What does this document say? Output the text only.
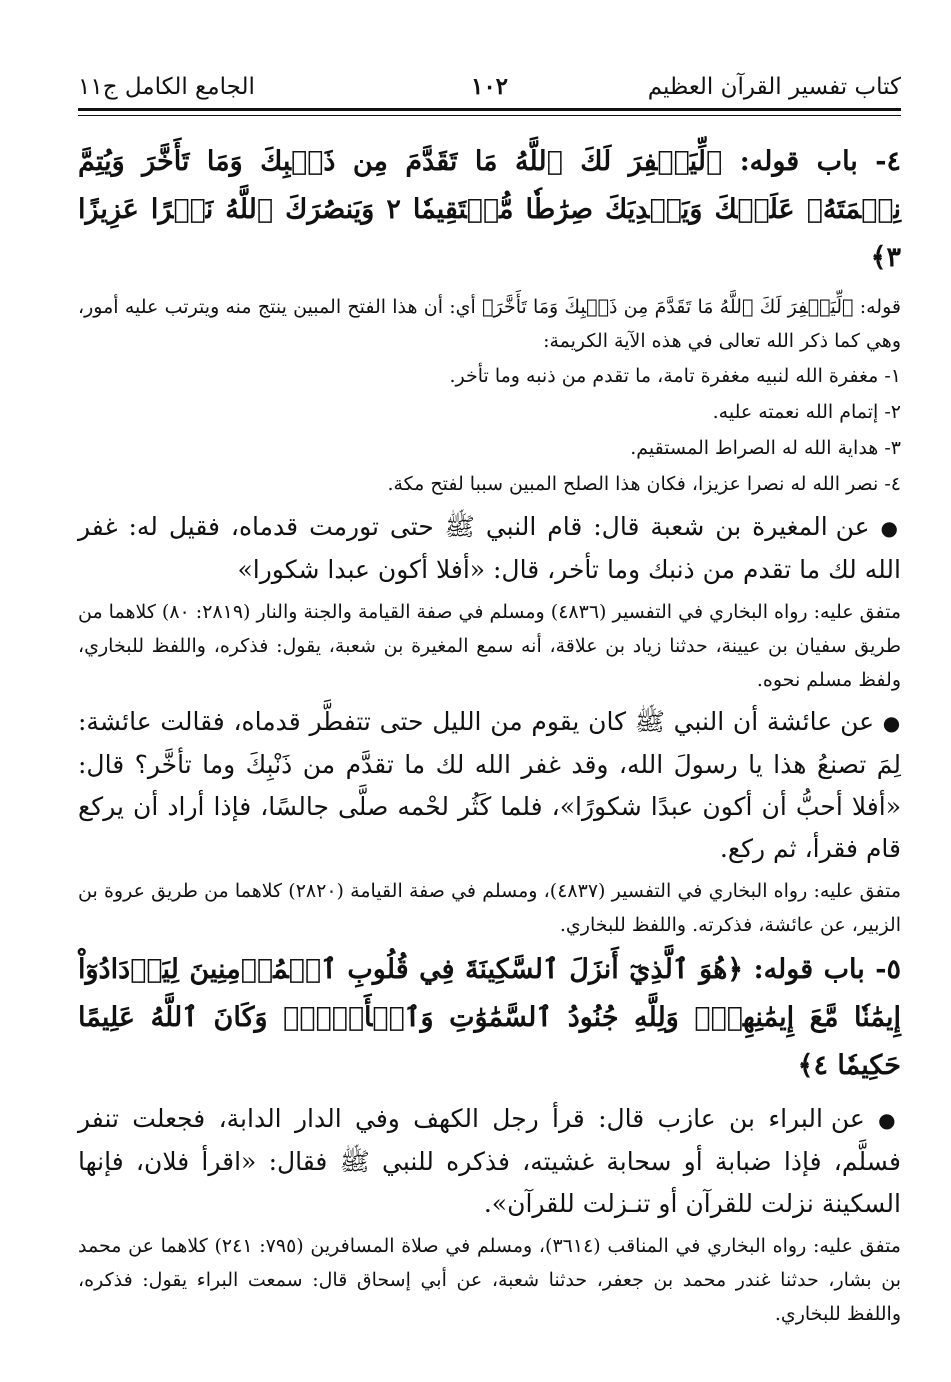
كتاب تفسير القرآن العظيم
١٠٢
الجامع الكامل ج١١

٤- باب قوله: ﴿لِّيَغۡفِرَ لَكَ ٱللَّهُ مَا تَقَدَّمَ مِن ذَنۢبِكَ وَمَا تَأَخَّرَ وَيُتِمَّ نِعۡمَتَهُۥ عَلَيۡكَ وَيَهۡدِيَكَ صِرَٰطٗا مُّسۡتَقِيمٗا ٢ وَيَنصُرَكَ ٱللَّهُ نَصۡرًا عَزِيزًا ٣﴾

قوله: ﴿لِّيَغۡفِرَ لَكَ ٱللَّهُ مَا تَقَدَّمَ مِن ذَنۢبِكَ وَمَا تَأَخَّرَ﴾ أي: أن هذا الفتح المبين ينتج منه ويترتب عليه أمور، وهي كما ذكر الله تعالى في هذه الآية الكريمة:

١- مغفرة الله لنبيه مغفرة تامة، ما تقدم من ذنبه وما تأخر.

٢- إتمام الله نعمته عليه.

٣- هداية الله له الصراط المستقيم.

٤- نصر الله له نصرا عزيزا، فكان هذا الصلح المبين سببا لفتح مكة.

● عن المغيرة بن شعبة قال: قام النبي ﷺ حتى تورمت قدماه، فقيل له: غفر الله لك ما تقدم من ذنبك وما تأخر، قال: «أفلا أكون عبدا شكورا»

متفق عليه: رواه البخاري في التفسير (٤٨٣٦) ومسلم في صفة القيامة والجنة والنار (٢٨١٩: ٨٠) كلاهما من طريق سفيان بن عيينة، حدثنا زياد بن علاقة، أنه سمع المغيرة بن شعبة، يقول: فذكره، واللفظ للبخاري، ولفظ مسلم نحوه.

● عن عائشة أن النبي ﷺ كان يقوم من الليل حتى تتفطَّر قدماه، فقالت عائشة: لِمَ تصنعُ هذا يا رسولَ الله، وقد غفر الله لك ما تقدَّم من ذَنْبِكَ وما تأخَّر؟ قال: «أفلا أحبُّ أن أكون عبدًا شكورًا»، فلما كَثُر لحْمه صلَّى جالسًا، فإذا أراد أن يركع قام فقرأ، ثم ركع.

متفق عليه: رواه البخاري في التفسير (٤٨٣٧)، ومسلم في صفة القيامة (٢٨٢٠) كلاهما من طريق عروة بن الزبير، عن عائشة، فذكرته. واللفظ للبخاري.

٥- باب قوله: ﴿هُوَ ٱلَّذِيٓ أَنزَلَ ٱلسَّكِينَةَ فِي قُلُوبِ ٱلۡمُؤۡمِنِينَ لِيَزۡدَادُوٓاْ إِيمَٰنٗا مَّعَ إِيمَٰنِهِمۡۗ وَلِلَّهِ جُنُودُ ٱلسَّمَٰوَٰتِ وَٱلۡأَرۡضِۚ وَكَانَ ٱللَّهُ عَلِيمًا حَكِيمٗا ٤﴾

● عن البراء بن عازب قال: قرأ رجل الكهف وفي الدار الدابة، فجعلت تنفر فسلَّم، فإذا ضبابة أو سحابة غشيته، فذكره للنبي ﷺ فقال: «اقرأ فلان، فإنها السكينة نزلت للقرآن أو تنـزلت للقرآن».

متفق عليه: رواه البخاري في المناقب (٣٦١٤)، ومسلم في صلاة المسافرين (٧٩٥: ٢٤١) كلاهما عن محمد بن بشار، حدثنا غندر محمد بن جعفر، حدثنا شعبة، عن أبي إسحاق قال: سمعت البراء يقول: فذكره، واللفظ للبخاري.
